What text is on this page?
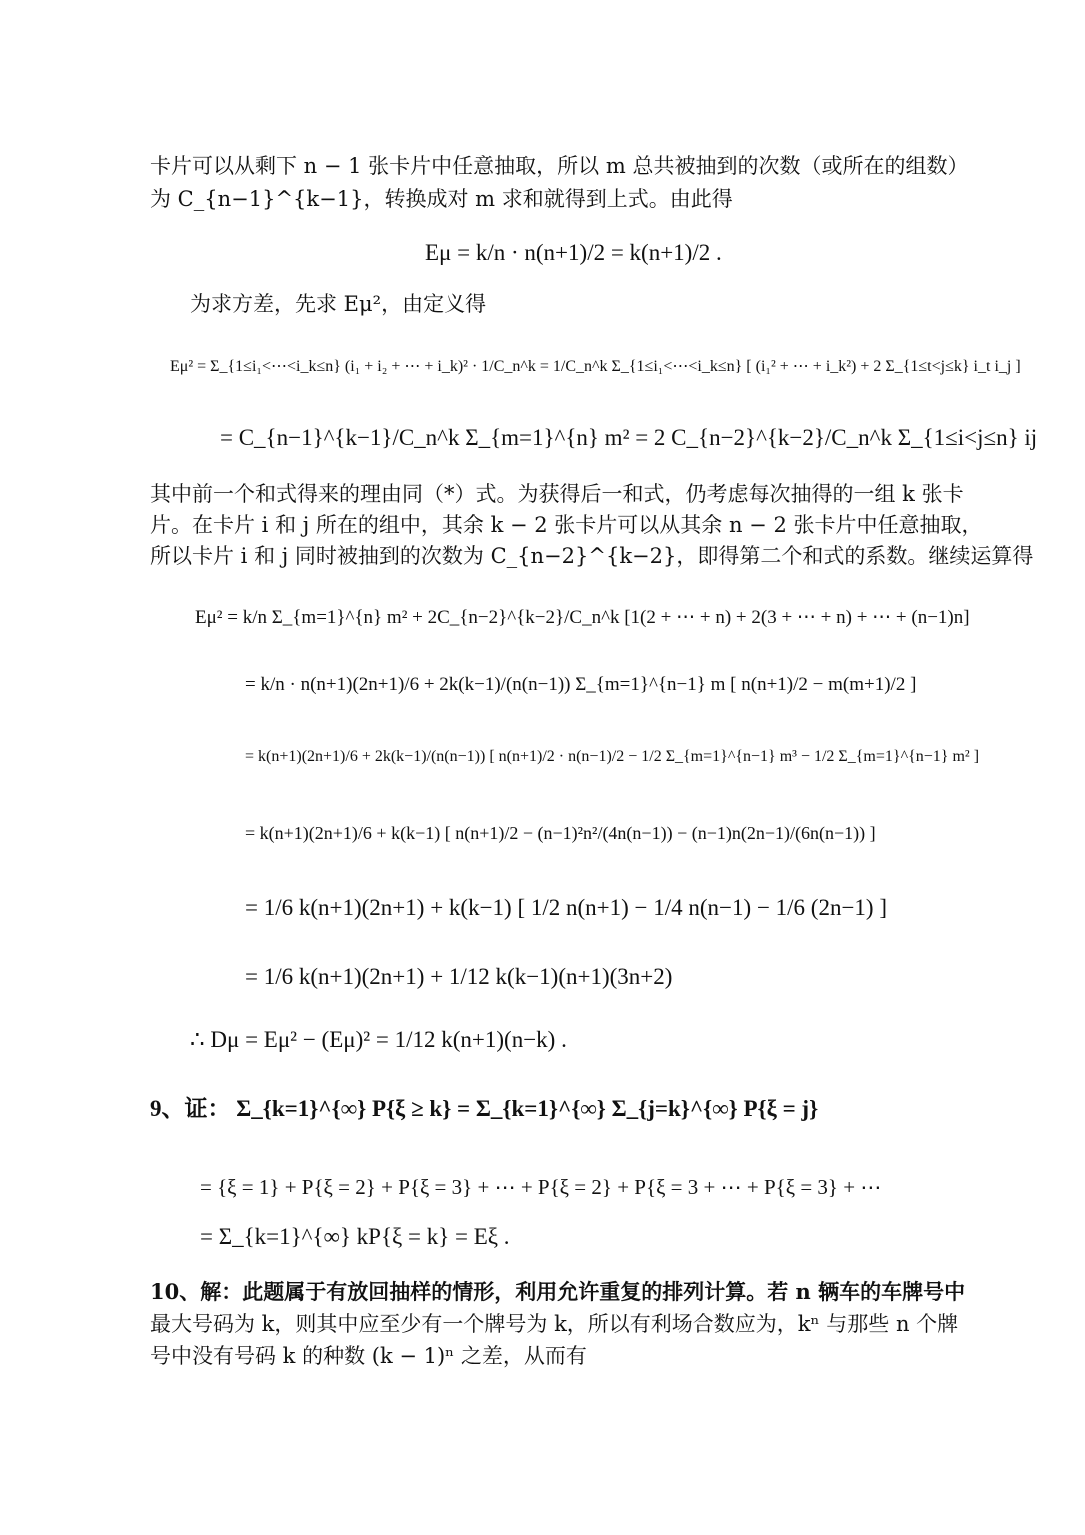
卡片可以从剩下 n − 1 张卡片中任意抽取，所以 m 总共被抽到的次数（或所在的组数）
为 C_{n−1}^{k−1}，转换成对 m 求和就得到上式。由此得
Eμ = k/n · n(n+1)/2 = k(n+1)/2 .
为求方差，先求 Eμ²，由定义得
Eμ² = Σ_{1≤i₁<⋯<i_k≤n} (i₁ + i₂ + ⋯ + i_k)² · 1/C_n^k = 1/C_n^k Σ_{1≤i₁<⋯<i_k≤n} [ (i₁² + ⋯ + i_k²) + 2 Σ_{1≤t<j≤k} i_t i_j ]
= C_{n−1}^{k−1}/C_n^k Σ_{m=1}^{n} m² = 2 C_{n−2}^{k−2}/C_n^k Σ_{1≤i<j≤n} ij
其中前一个和式得来的理由同（*）式。为获得后一和式，仍考虑每次抽得的一组 k 张卡
片。在卡片 i 和 j 所在的组中，其余 k − 2 张卡片可以从其余 n − 2 张卡片中任意抽取，
所以卡片 i 和 j 同时被抽到的次数为 C_{n−2}^{k−2}，即得第二个和式的系数。继续运算得
Eμ² = k/n Σ_{m=1}^{n} m² + 2C_{n−2}^{k−2}/C_n^k [1(2 + ⋯ + n) + 2(3 + ⋯ + n) + ⋯ + (n−1)n]
= k/n · n(n+1)(2n+1)/6 + 2k(k−1)/(n(n−1)) Σ_{m=1}^{n−1} m [ n(n+1)/2 − m(m+1)/2 ]
= k(n+1)(2n+1)/6 + 2k(k−1)/(n(n−1)) [ n(n+1)/2 · n(n−1)/2 − 1/2 Σ_{m=1}^{n−1} m³ − 1/2 Σ_{m=1}^{n−1} m² ]
= k(n+1)(2n+1)/6 + k(k−1) [ n(n+1)/2 − (n−1)²n²/(4n(n−1)) − (n−1)n(2n−1)/(6n(n−1)) ]
= 1/6 k(n+1)(2n+1) + k(k−1) [ 1/2 n(n+1) − 1/4 n(n−1) − 1/6 (2n−1) ]
= 1/6 k(n+1)(2n+1) + 1/12 k(k−1)(n+1)(3n+2)
∴ Dμ = Eμ² − (Eμ)² = 1/12 k(n+1)(n−k) .
9、证： Σ_{k=1}^{∞} P{ξ ≥ k} = Σ_{k=1}^{∞} Σ_{j=k}^{∞} P{ξ = j}
= {ξ = 1} + P{ξ = 2} + P{ξ = 3} + ⋯ + P{ξ = 2} + P{ξ = 3 + ⋯ + P{ξ = 3} + ⋯
= Σ_{k=1}^{∞} kP{ξ = k} = Eξ .
10、解：此题属于有放回抽样的情形，利用允许重复的排列计算。若 n 辆车的车牌号中
最大号码为 k，则其中应至少有一个牌号为 k，所以有利场合数应为，kⁿ 与那些 n 个牌
号中没有号码 k 的种数 (k − 1)ⁿ 之差，从而有
